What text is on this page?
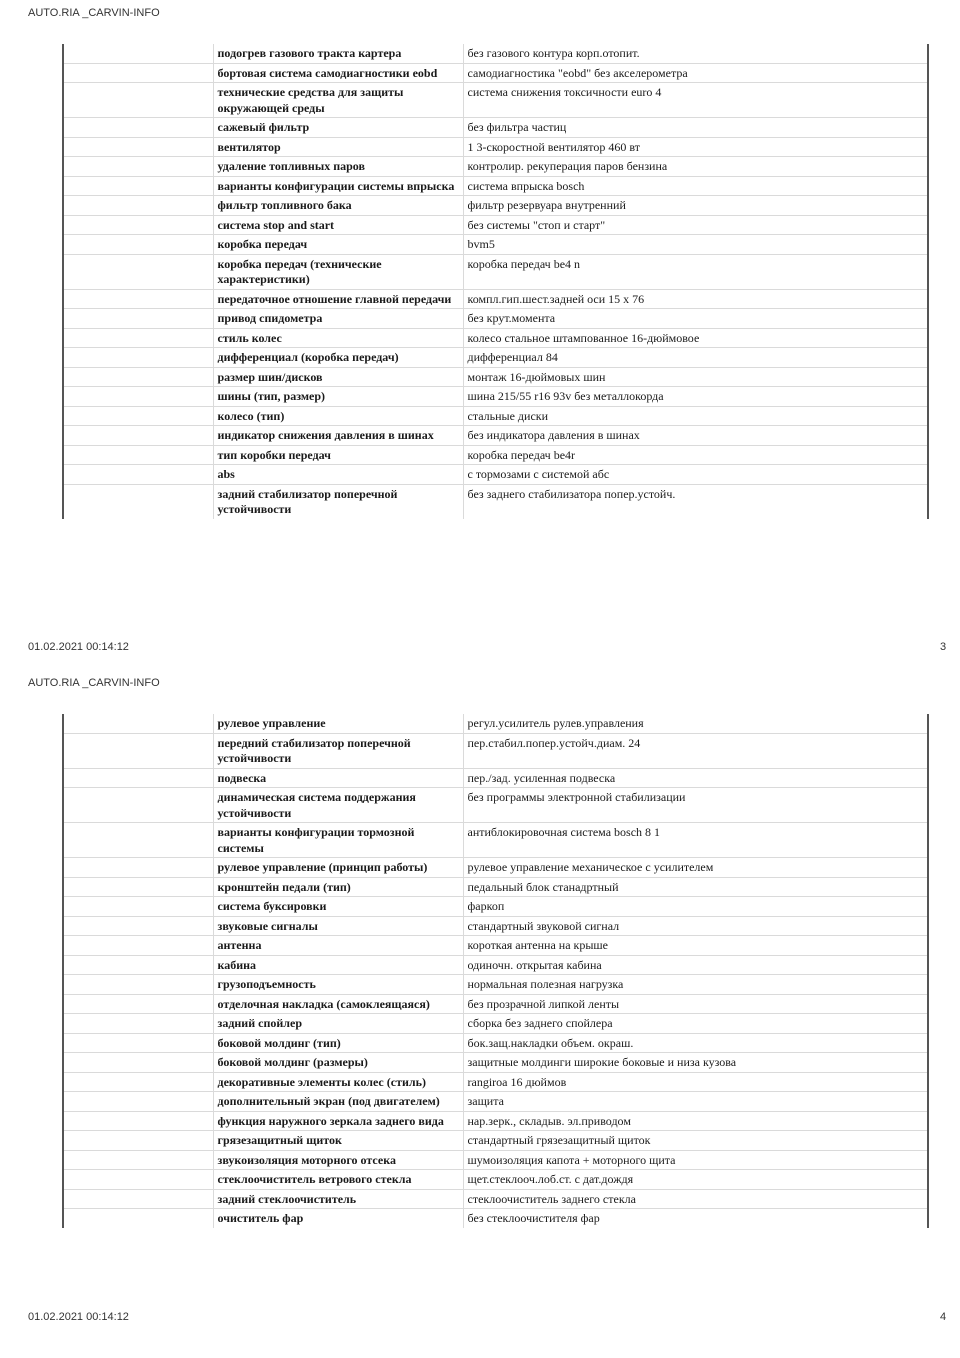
AUTO.RIA _CARVIN-INFO
	подогрев газового тракта картера	без газового контура корп.отопит.
	бортовая система самодиагностики eobd	самодиагностика "eobd" без акселерометра
	технические средства для защиты окружающей среды	система снижения токсичности euro 4
	сажевый фильтр	без фильтра частиц
	вентилятор	1 3-скоростной вентилятор 460 вт
	удаление топливных паров	контролир. рекуперация паров бензина
	варианты конфигурации системы впрыска	система впрыска bosch
	фильтр топливного бака	фильтр резервуара внутренний
	система stop and start	без системы "стоп и старт"
	коробка передач	bvm5
	коробка передач (технические характеристики)	коробка передач be4 n
	передаточное отношение главной передачи	компл.гип.шест.задней оси 15 x 76
	привод спидометра	без крут.момента
	стиль колес	колесо стальное штампованное 16-дюймовое
	дифференциал (коробка передач)	дифференциал 84
	размер шин/дисков	монтаж 16-дюймовых шин
	шины (тип, размер)	шина 215/55 r16 93v без металлокорда
	колесо (тип)	стальные диски
	индикатор снижения давления в шинах	без индикатора давления в шинах
	тип коробки передач	коробка передач be4r
	abs	с тормозами с системой абс
	задний стабилизатор поперечной устойчивости	без заднего стабилизатора попер.устойч.
01.02.2021 00:14:12	3
AUTO.RIA _CARVIN-INFO
	рулевое управление	регул.усилитель рулев.управления
	передний стабилизатор поперечной устойчивости	пер.стабил.попер.устойч.диам. 24
	подвеска	пер./зад. усиленная подвеска
	динамическая система поддержания устойчивости	без программы электронной стабилизации
	варианты конфигурации тормозной системы	антиблокировочная система bosch 8 1
	рулевое управление (принцип работы)	рулевое управление механическое с усилителем
	кронштейн педали (тип)	педальный блок станадртный
	система буксировки	фаркоп
	звуковые сигналы	стандартный звуковой сигнал
	антенна	короткая антенна на крыше
	кабина	одиночн. открытая кабина
	грузоподъемность	нормальная полезная нагрузка
	отделочная накладка (самоклеящаяся)	без прозрачной липкой ленты
	задний спойлер	сборка без заднего спойлера
	боковой молдинг (тип)	бок.защ.накладки объем. окраш.
	боковой молдинг (размеры)	защитные молдинги широкие боковые и низа кузова
	декоративные элементы колес (стиль)	rangiroa 16 дюймов
	дополнительный экран (под двигателем)	защита
	функция наружного зеркала заднего вида	нар.зерк., складыв. эл.приводом
	грязезащитный щиток	стандартный грязезащитный щиток
	звукоизоляция моторного отсека	шумоизоляция капота + моторного щита
	стеклоочиститель ветрового стекла	щет.стеклооч.лоб.ст. с дат.дождя
	задний стеклоочиститель	стеклоочиститель заднего стекла
	очиститель фар	без стеклоочистителя фар
01.02.2021 00:14:12	4
